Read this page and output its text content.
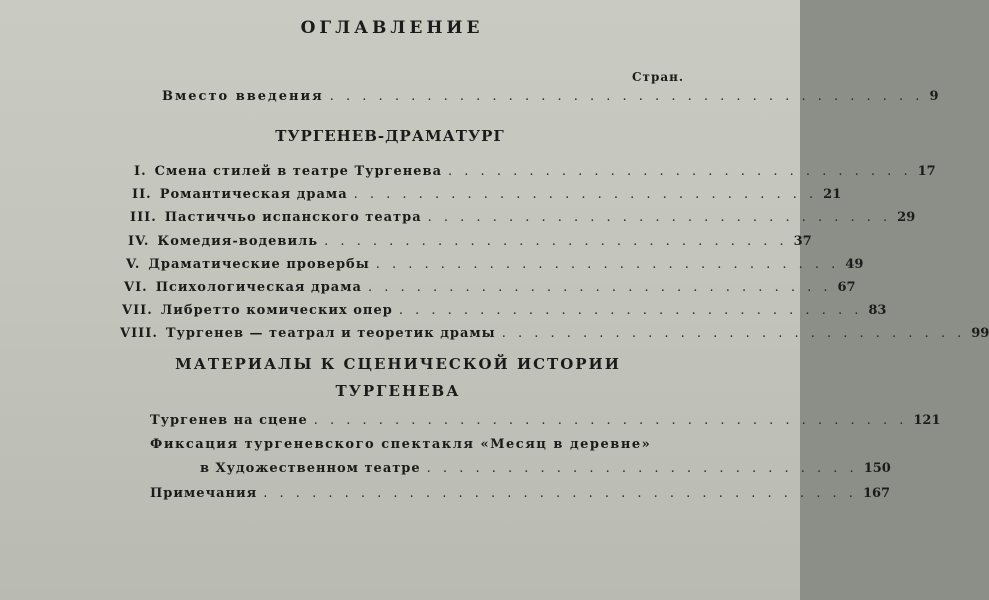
ОГЛАВЛЕНИЕ
Стран.
Вместо введения . . . . . . . . . . . . . . . . . . . . . . . . . . . . . . . . . . . . . 9
ТУРГЕНЕВ-ДРАМАТУРГ
I. Смена стилей в театре Тургенева . . . . . . . . . . . . . . . . . . . . . . . . . . . . . 17
II. Романтическая драма . . . . . . . . . . . . . . . . . . . . . . . . . . . . . 21
III. Пастиччьо испанского театра . . . . . . . . . . . . . . . . . . . . . . . . . . . . . 29
IV. Комедия-водевиль . . . . . . . . . . . . . . . . . . . . . . . . . . . . . 37
V. Драматические провербы . . . . . . . . . . . . . . . . . . . . . . . . . . . . . 49
VI. Психологическая драма . . . . . . . . . . . . . . . . . . . . . . . . . . . . . 67
VII. Либретто комических опер . . . . . . . . . . . . . . . . . . . . . . . . . . . . . 83
VIII. Тургенев — театрал и теоретик драмы . . . . . . . . . . . . . . . . . . . . . . . . . . . . . 99
МАТЕРИАЛЫ К СЦЕНИЧЕСКОЙ ИСТОРИИ
ТУРГЕНЕВА
Тургенев на сцене . . . . . . . . . . . . . . . . . . . . . . . . . . . . . . . . . . . . . 121
Фиксация тургеневского спектакля «Месяц в деревне»
в Художественном театре . . . . . . . . . . . . . . . . . . . . . . . . . . . 150
Примечания . . . . . . . . . . . . . . . . . . . . . . . . . . . . . . . . . . . . . 167
